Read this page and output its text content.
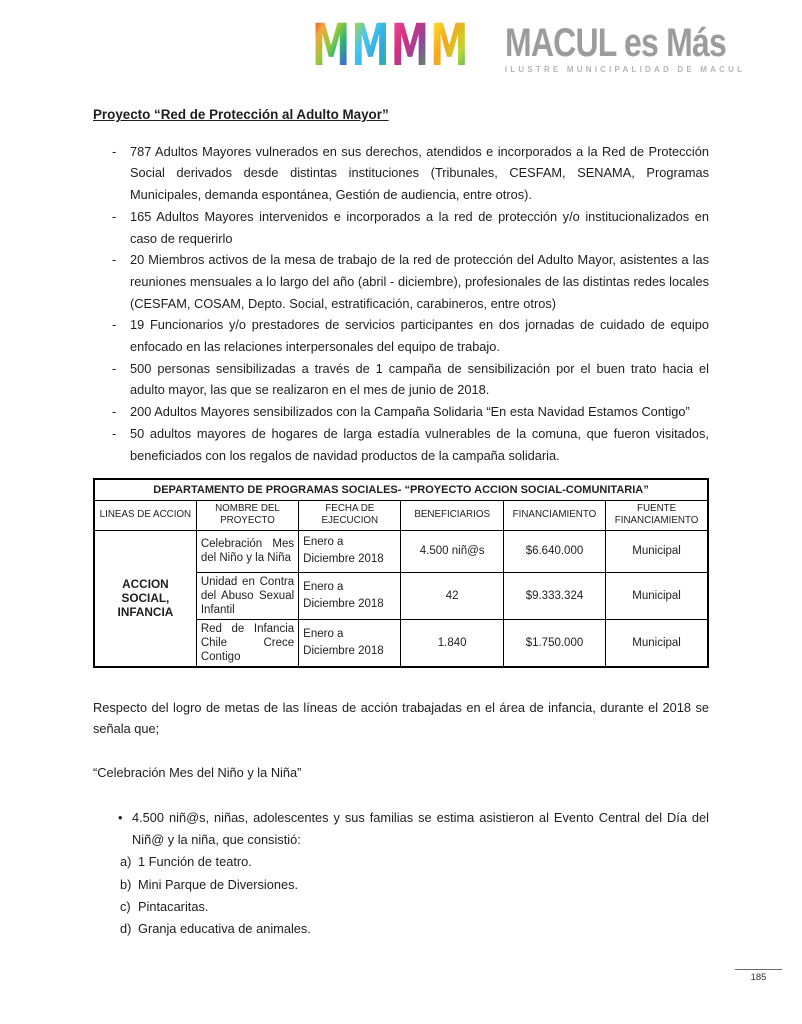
M M M M MACUL es Más
ILUSTRE MUNICIPALIDAD DE MACUL
Proyecto “Red de Protección al Adulto Mayor”
-	787 Adultos Mayores vulnerados en sus derechos, atendidos e incorporados a la Red de Protección Social derivados desde distintas instituciones (Tribunales, CESFAM, SENAMA, Programas Municipales, demanda espontánea, Gestión de audiencia, entre otros).
-	165 Adultos Mayores intervenidos e incorporados a la red de protección y/o institucionalizados en caso de requerirlo
-	20 Miembros activos de la mesa de trabajo de la red de protección del Adulto Mayor, asistentes a las reuniones mensuales a lo largo del año (abril - diciembre), profesionales de las distintas redes locales (CESFAM, COSAM, Depto. Social, estratificación, carabineros, entre otros)
-	19 Funcionarios y/o prestadores de servicios participantes en dos jornadas de cuidado de equipo enfocado en las relaciones interpersonales del equipo de trabajo.
-	500 personas sensibilizadas a través de 1 campaña de sensibilización por el buen trato hacia el adulto mayor, las que se realizaron en el mes de junio de 2018.
-	200 Adultos Mayores sensibilizados con la Campaña Solidaria “En esta Navidad Estamos Contigo”
-	50 adultos mayores de hogares de larga estadía vulnerables de la comuna, que fueron visitados, beneficiados con los regalos de navidad productos de la campaña solidaria.
DEPARTAMENTO DE PROGRAMAS SOCIALES- “PROYECTO ACCION SOCIAL-COMUNITARIA”					
LINEAS DE ACCION	NOMBRE DEL PROYECTO	FECHA DE EJECUCION	BENEFICIARIOS	FINANCIAMIENTO	FUENTE FINANCIAMIENTO
ACCION SOCIAL, INFANCIA	Celebración Mes del Niño y la Niña	Enero a Diciembre 2018	4.500 niñ@s	$6.640.000	Municipal
	Unidad en Contra del Abuso Sexual Infantil	Enero a Diciembre 2018	42	$9.333.324	Municipal
	Red de Infancia Chile Crece Contigo	Enero a Diciembre 2018	1.840	$1.750.000	Municipal
Respecto del logro de metas de las líneas de acción trabajadas en el área de infancia, durante el 2018 se señala que;
“Celebración Mes del Niño y la Niña”
• 4.500 niñ@s, niñas, adolescentes y sus familias se estima asistieron al Evento Central del Día del Niñ@ y la niña, que consistió:
a) 1 Función de teatro.
b) Mini Parque de Diversiones.
c) Pintacaritas.
d) Granja educativa de animales.
185
